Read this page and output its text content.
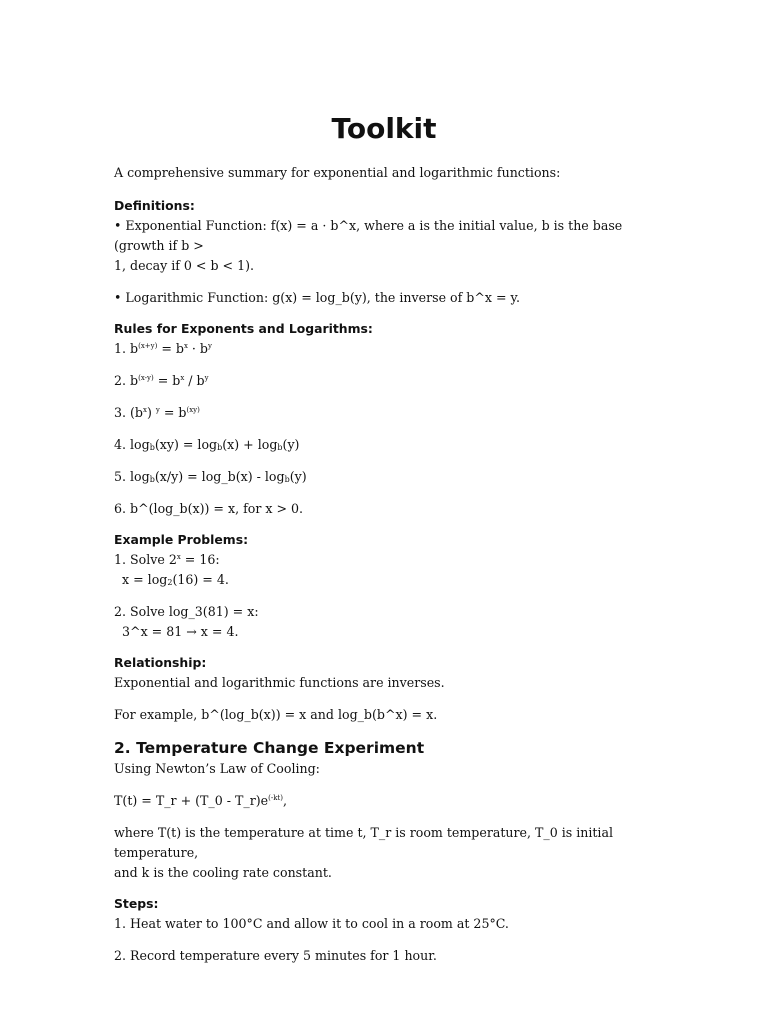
Toolkit

A comprehensive summary for exponential and logarithmic functions:

Definitions:

• Exponential Function: f(x) = a · b^x, where a is the initial value, b is the base (growth if b >

1, decay if 0 < b < 1).

• Logarithmic Function: g(x) = log_b(y), the inverse of b^x = y.

Rules for Exponents and Logarithms:

1. $b^{(x+y)} = b^x \cdot b^y$

2. $b^{(x-y)} = b^x / b^y$

3. $(b^x) ^y = b^{(xy)}$

4. $\log_b(xy) = \log_b(x) + \log_b(y)$

5. $\log_b(x/y)$ = log_b(x) - $\log_b(y)$

6. b^(log_b(x)) = x, for x > 0.

Example Problems:

1. Solve $2^x = 16$:

$x = \log_2(16) = 4$.

2. Solve log_3(81) = x:

3^x = 81 → x = 4.

Relationship:

Exponential and logarithmic functions are inverses.

For example, b^(log_b(x)) = x and log_b(b^x) = x.

2. Temperature Change Experiment

Using Newton’s Law of Cooling:

T(t) = T_r + (T_0 - $T\_r)e^{(-kt)}$,

where T(t) is the temperature at time t, T_r is room temperature, T_0 is initial temperature,

and k is the cooling rate constant.

Steps:

1. Heat water to 100°C and allow it to cool in a room at 25°C.

2. Record temperature every 5 minutes for 1 hour.
